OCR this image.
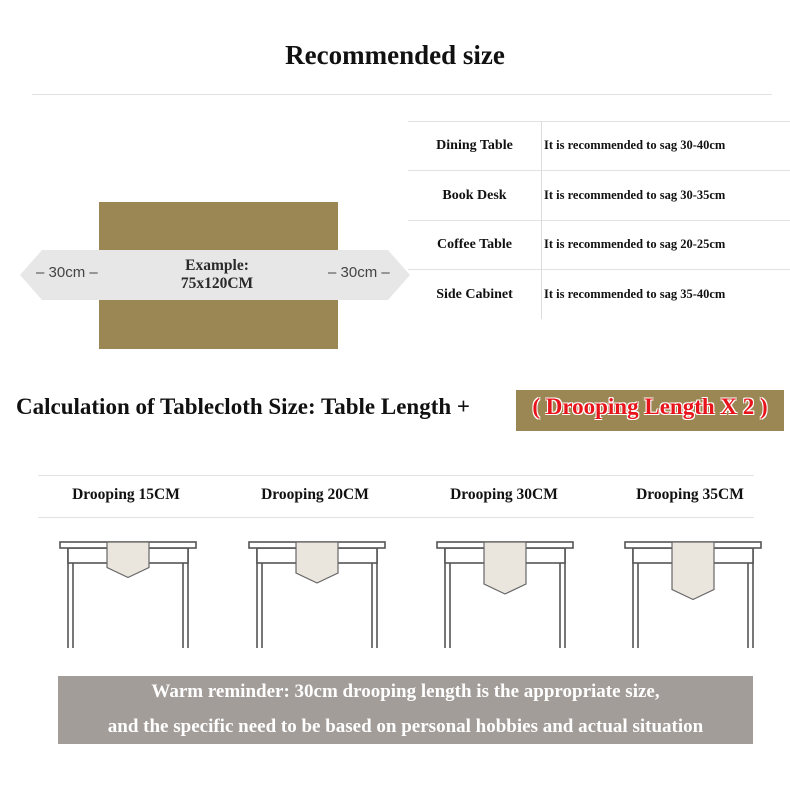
Recommended size
Dining Table	It is recommended to sag 30-40cm
Book Desk	It is recommended to sag 30-35cm
Coffee Table	It is recommended to sag 20-25cm
Side Cabinet	It is recommended to sag 35-40cm
Example:
75x120CM
– 30cm –	– 30cm –
Calculation of Tablecloth Size: Table Length +	( Drooping Length X 2 )
Drooping 15CM	Drooping 20CM	Drooping 30CM	Drooping 35CM
Warm reminder: 30cm drooping length is the appropriate size,
and the specific need to be based on personal hobbies and actual situation
